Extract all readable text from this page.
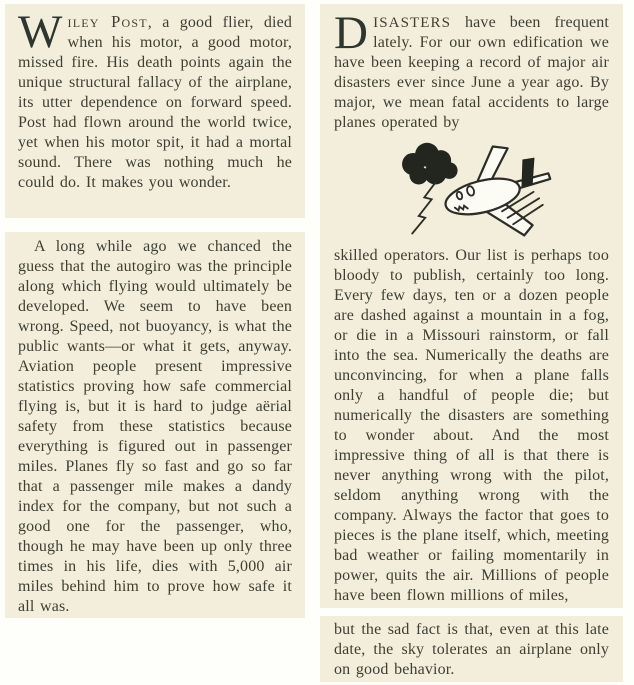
Wiley Post, a good flier, died when his motor, a good motor, missed fire. His death points again the unique structural fallacy of the airplane, its utter dependence on forward speed. Post had flown around the world twice, yet when his motor spit, it had a mortal sound. There was nothing much he could do. It makes you wonder.

A long while ago we chanced the guess that the autogiro was the principle along which flying would ultimately be developed. We seem to have been wrong. Speed, not buoyancy, is what the public wants—or what it gets, anyway. Aviation people present impressive statistics proving how safe commercial flying is, but it is hard to judge aërial safety from these statistics because everything is figured out in passenger miles. Planes fly so fast and go so far that a passenger mile makes a dandy index for the company, but not such a good one for the passenger, who, though he may have been up only three times in his life, dies with 5,000 air miles behind him to prove how safe it all was.

DISASTERS have been frequent lately. For our own edification we have been keeping a record of major air disasters ever since June a year ago. By major, we mean fatal accidents to large planes operated by

skilled operators. Our list is perhaps too bloody to publish, certainly too long. Every few days, ten or a dozen people are dashed against a mountain in a fog, or die in a Missouri rainstorm, or fall into the sea. Numerically the deaths are unconvincing, for when a plane falls only a handful of people die; but numerically the disasters are something to wonder about. And the most impressive thing of all is that there is never anything wrong with the pilot, seldom anything wrong with the company. Always the factor that goes to pieces is the plane itself, which, meeting bad weather or failing momentarily in power, quits the air. Millions of people have been flown millions of miles,

but the sad fact is that, even at this late date, the sky tolerates an airplane only on good behavior.
